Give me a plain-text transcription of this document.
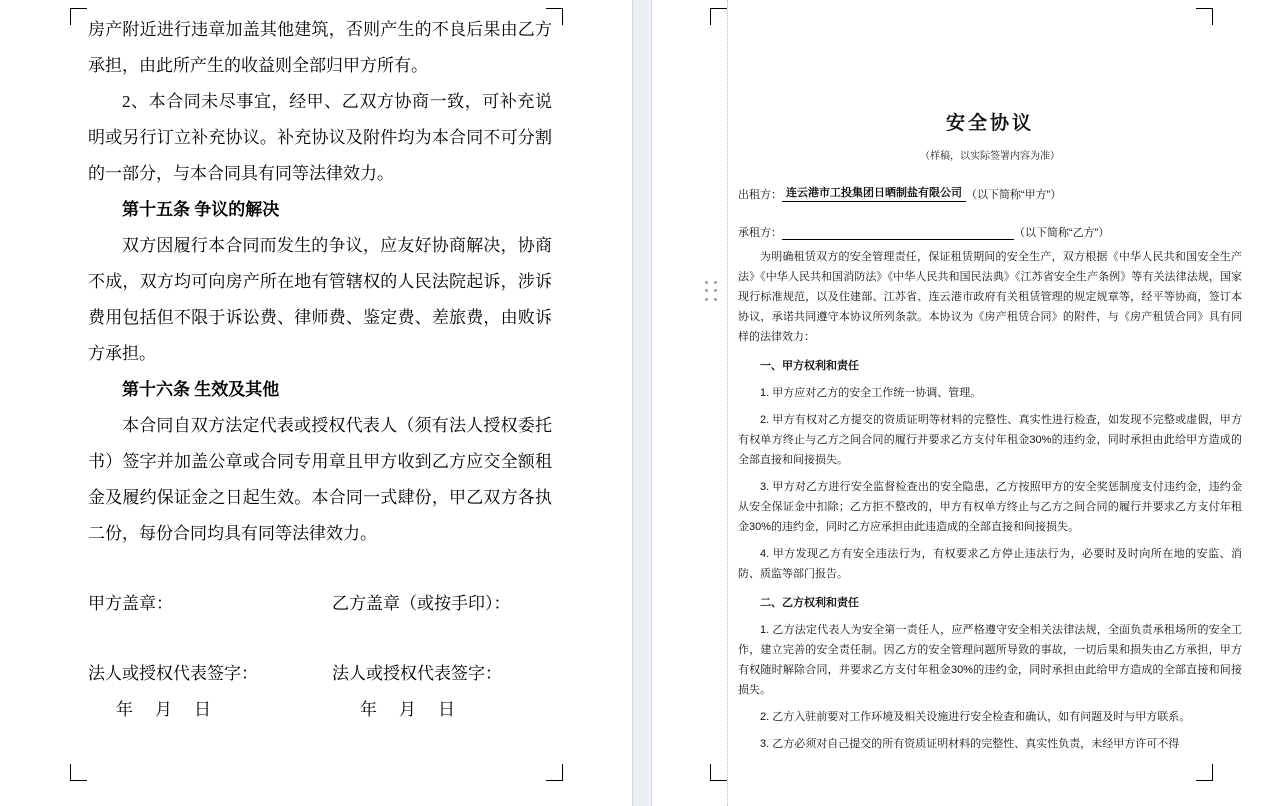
房产附近进行违章加盖其他建筑，否则产生的不良后果由乙方承担，由此所产生的收益则全部归甲方所有。

2、本合同未尽事宜，经甲、乙双方协商一致，可补充说明或另行订立补充协议。补充协议及附件均为本合同不可分割的一部分，与本合同具有同等法律效力。

第十五条 争议的解决

双方因履行本合同而发生的争议，应友好协商解决，协商不成，双方均可向房产所在地有管辖权的人民法院起诉，涉诉费用包括但不限于诉讼费、律师费、鉴定费、差旅费，由败诉方承担。

第十六条 生效及其他

本合同自双方法定代表或授权代表人（须有法人授权委托书）签字并加盖公章或合同专用章且甲方收到乙方应交全额租金及履约保证金之日起生效。本合同一式肆份，甲乙双方各执二份，每份合同均具有同等法律效力。

甲方盖章：	乙方盖章（或按手印）：
法人或授权代表签字：	法人或授权代表签字：
年 月 日	年 月 日
安全协议
（样稿，以实际签署内容为准）
出租方： 连云港市工投集团日晒制盐有限公司 （以下简称“甲方”）
承租方：	（以下简称“乙方”）

为明确租赁双方的安全管理责任，保证租赁期间的安全生产，双方根据《中华人民共和国安全生产法》《中华人民共和国消防法》《中华人民共和国民法典》《江苏省安全生产条例》等有关法律法规，国家现行标准规范，以及住建部、江苏省、连云港市政府有关租赁管理的规定规章等，经平等协商，签订本协议，承诺共同遵守本协议所列条款。本协议为《房产租赁合同》的附件，与《房产租赁合同》具有同样的法律效力：

一、甲方权利和责任

1. 甲方应对乙方的安全工作统一协调、管理。

2. 甲方有权对乙方提交的资质证明等材料的完整性、真实性进行检查，如发现不完整或虚假，甲方有权单方终止与乙方之间合同的履行并要求乙方支付年租金30%的违约金，同时承担由此给甲方造成的全部直接和间接损失。

3. 甲方对乙方进行安全监督检查出的安全隐患，乙方按照甲方的安全奖惩制度支付违约金，违约金从安全保证金中扣除；乙方拒不整改的，甲方有权单方终止与乙方之间合同的履行并要求乙方支付年租金30%的违约金，同时乙方应承担由此违造成的全部直接和间接损失。

4. 甲方发现乙方有安全违法行为，有权要求乙方停止违法行为，必要时及时向所在地的安监、消防、质监等部门报告。

二、乙方权利和责任

1. 乙方法定代表人为安全第一责任人，应严格遵守安全相关法律法规，全面负责承租场所的安全工作，建立完善的安全责任制。因乙方的安全管理问题所导致的事故，一切后果和损失由乙方承担，甲方有权随时解除合同，并要求乙方支付年租金30%的违约金，同时承担由此给甲方造成的全部直接和间接损失。

2. 乙方入驻前要对工作环境及相关设施进行安全检查和确认，如有问题及时与甲方联系。

3. 乙方必须对自己提交的所有资质证明材料的完整性、真实性负责，未经甲方许可不得
